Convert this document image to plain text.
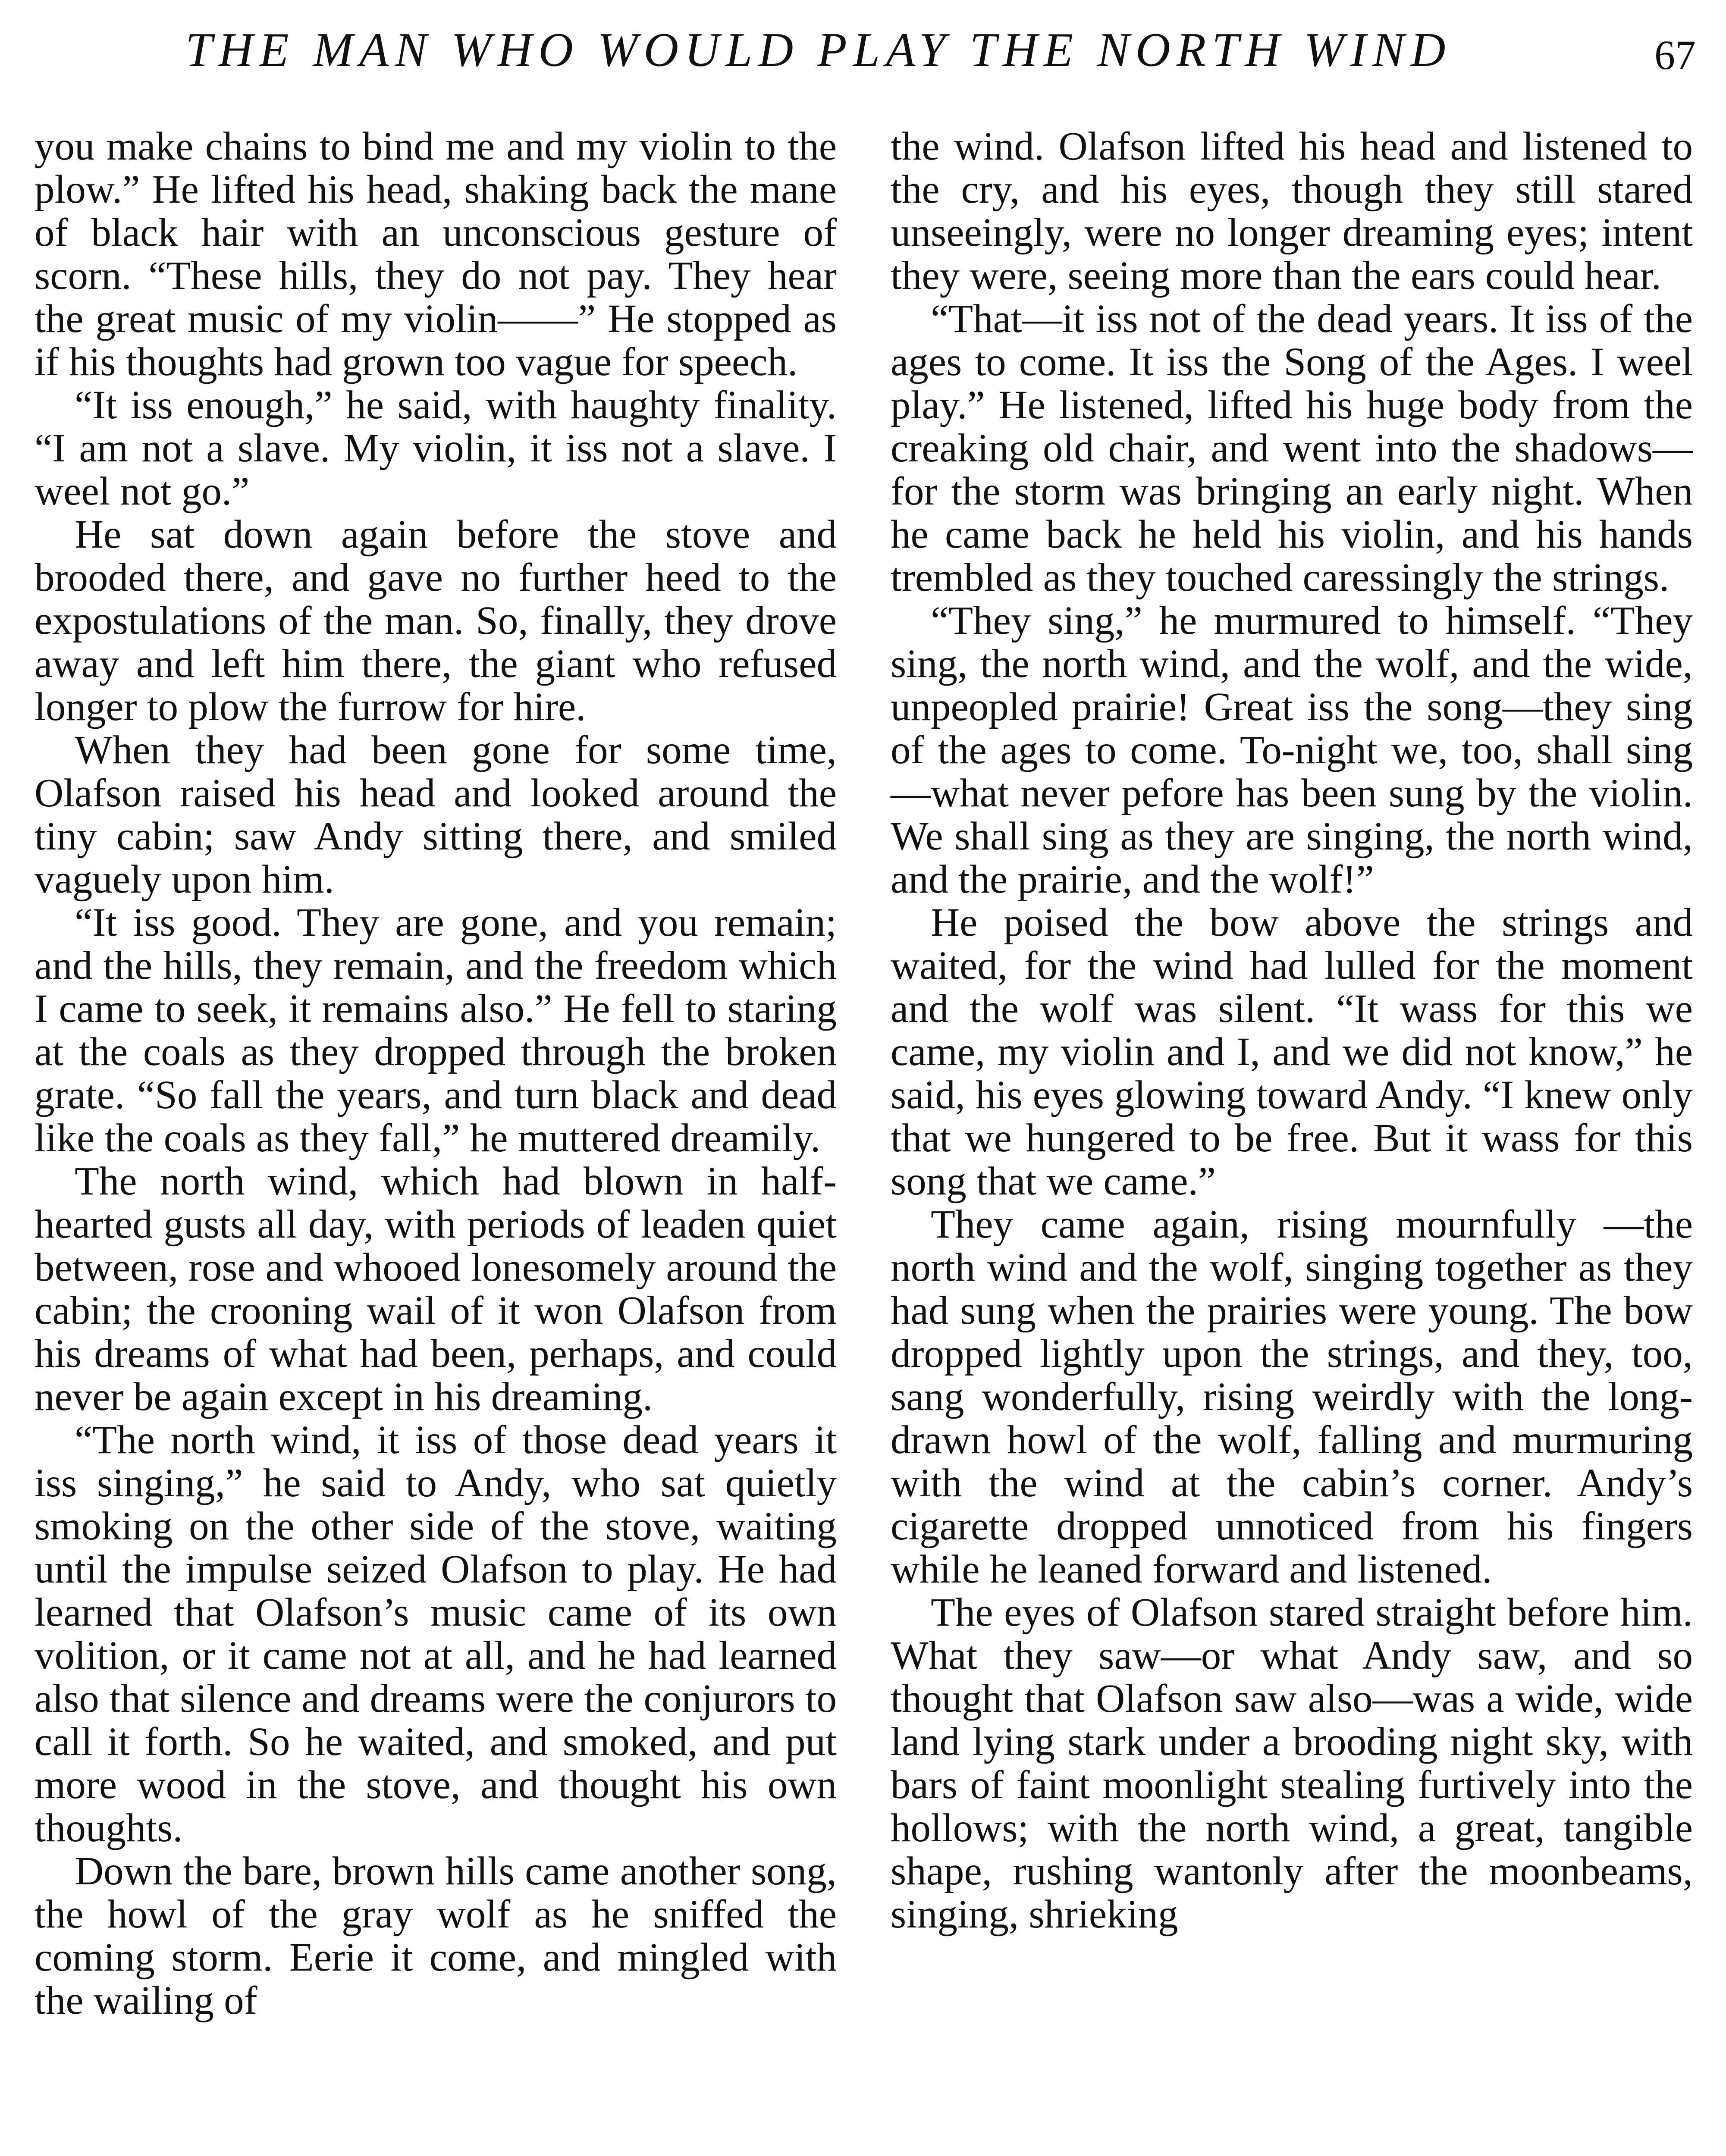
THE MAN WHO WOULD PLAY THE NORTH WIND	67

you make chains to bind me and my violin to the plow.” He lifted his head, shaking back the mane of black hair with an unconscious gesture of scorn. “These hills, they do not pay. They hear the great music of my violin——” He stopped as if his thoughts had grown too vague for speech.

“It iss enough,” he said, with haughty finality. “I am not a slave. My violin, it iss not a slave. I weel not go.”

He sat down again before the stove and brooded there, and gave no further heed to the expostulations of the man. So, finally, they drove away and left him there, the giant who refused longer to plow the furrow for hire.

When they had been gone for some time, Olafson raised his head and looked around the tiny cabin; saw Andy sitting there, and smiled vaguely upon him.

“It iss good. They are gone, and you remain; and the hills, they remain, and the freedom which I came to seek, it remains also.” He fell to staring at the coals as they dropped through the broken grate. “So fall the years, and turn black and dead like the coals as they fall,” he muttered dreamily.

The north wind, which had blown in half-hearted gusts all day, with periods of leaden quiet between, rose and whooed lonesomely around the cabin; the crooning wail of it won Olafson from his dreams of what had been, perhaps, and could never be again except in his dreaming.

“The north wind, it iss of those dead years it iss singing,” he said to Andy, who sat quietly smoking on the other side of the stove, waiting until the impulse seized Olafson to play. He had learned that Olafson’s music came of its own volition, or it came not at all, and he had learned also that silence and dreams were the conjurors to call it forth. So he waited, and smoked, and put more wood in the stove, and thought his own thoughts.

Down the bare, brown hills came another song, the howl of the gray wolf as he sniffed the coming storm. Eerie it come, and mingled with the wailing of

the wind. Olafson lifted his head and listened to the cry, and his eyes, though they still stared unseeingly, were no longer dreaming eyes; intent they were, seeing more than the ears could hear.

“That—it iss not of the dead years. It iss of the ages to come. It iss the Song of the Ages. I weel play.” He listened, lifted his huge body from the creaking old chair, and went into the shadows—for the storm was bringing an early night. When he came back he held his violin, and his hands trembled as they touched caressingly the strings.

“They sing,” he murmured to himself. “They sing, the north wind, and the wolf, and the wide, unpeopled prairie! Great iss the song—they sing of the ages to come. To-night we, too, shall sing—what never pefore has been sung by the violin. We shall sing as they are singing, the north wind, and the prairie, and the wolf!”

He poised the bow above the strings and waited, for the wind had lulled for the moment and the wolf was silent. “It wass for this we came, my violin and I, and we did not know,” he said, his eyes glowing toward Andy. “I knew only that we hungered to be free. But it wass for this song that we came.”

They came again, rising mournfully —the north wind and the wolf, singing together as they had sung when the prairies were young. The bow dropped lightly upon the strings, and they, too, sang wonderfully, rising weirdly with the long-drawn howl of the wolf, falling and murmuring with the wind at the cabin’s corner. Andy’s cigarette dropped unnoticed from his fingers while he leaned forward and listened.

The eyes of Olafson stared straight before him. What they saw—or what Andy saw, and so thought that Olafson saw also—was a wide, wide land lying stark under a brooding night sky, with bars of faint moonlight stealing furtively into the hollows; with the north wind, a great, tangible shape, rushing wantonly after the moonbeams, singing, shrieking
